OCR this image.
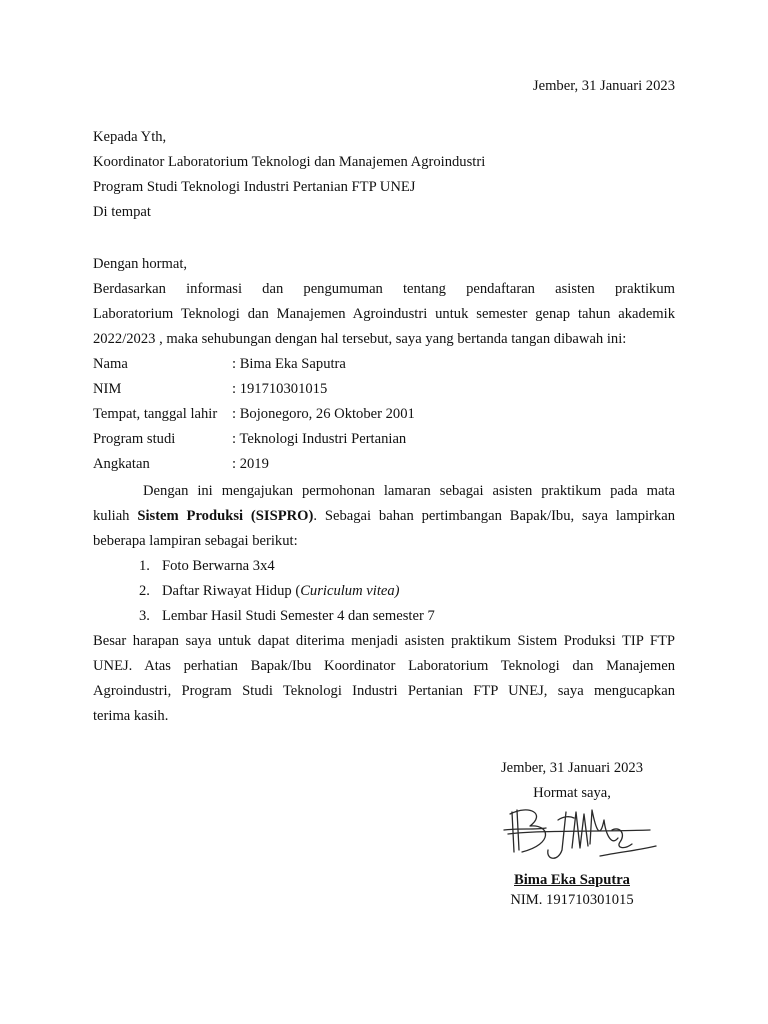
Jember, 31 Januari 2023
Kepada Yth,
Koordinator Laboratorium Teknologi dan Manajemen Agroindustri
Program Studi Teknologi Industri Pertanian FTP UNEJ
Di tempat
Dengan hormat,
Berdasarkan informasi dan pengumuman tentang pendaftaran asisten praktikum
Laboratorium Teknologi dan Manajemen Agroindustri untuk semester genap tahun akademik
2022/2023 , maka sehubungan dengan hal tersebut, saya yang bertanda tangan dibawah ini:
Nama	: Bima Eka Saputra
NIM	: 191710301015
Tempat, tanggal lahir : Bojonegoro, 26 Oktober 2001
Program studi	: Teknologi Industri Pertanian
Angkatan	: 2019
Dengan ini mengajukan permohonan lamaran sebagai asisten praktikum pada mata
kuliah Sistem Produksi (SISPRO). Sebagai bahan pertimbangan Bapak/Ibu, saya lampirkan
beberapa lampiran sebagai berikut:
1. Foto Berwarna 3x4
2. Daftar Riwayat Hidup (Curiculum vitea)
3. Lembar Hasil Studi Semester 4 dan semester 7
Besar harapan saya untuk dapat diterima menjadi asisten praktikum Sistem Produksi TIP FTP
UNEJ. Atas perhatian Bapak/Ibu Koordinator Laboratorium Teknologi dan Manajemen
Agroindustri, Program Studi Teknologi Industri Pertanian FTP UNEJ, saya mengucapkan
terima kasih.
Jember, 31 Januari 2023
Hormat saya,
Bima Eka Saputra
NIM. 191710301015
